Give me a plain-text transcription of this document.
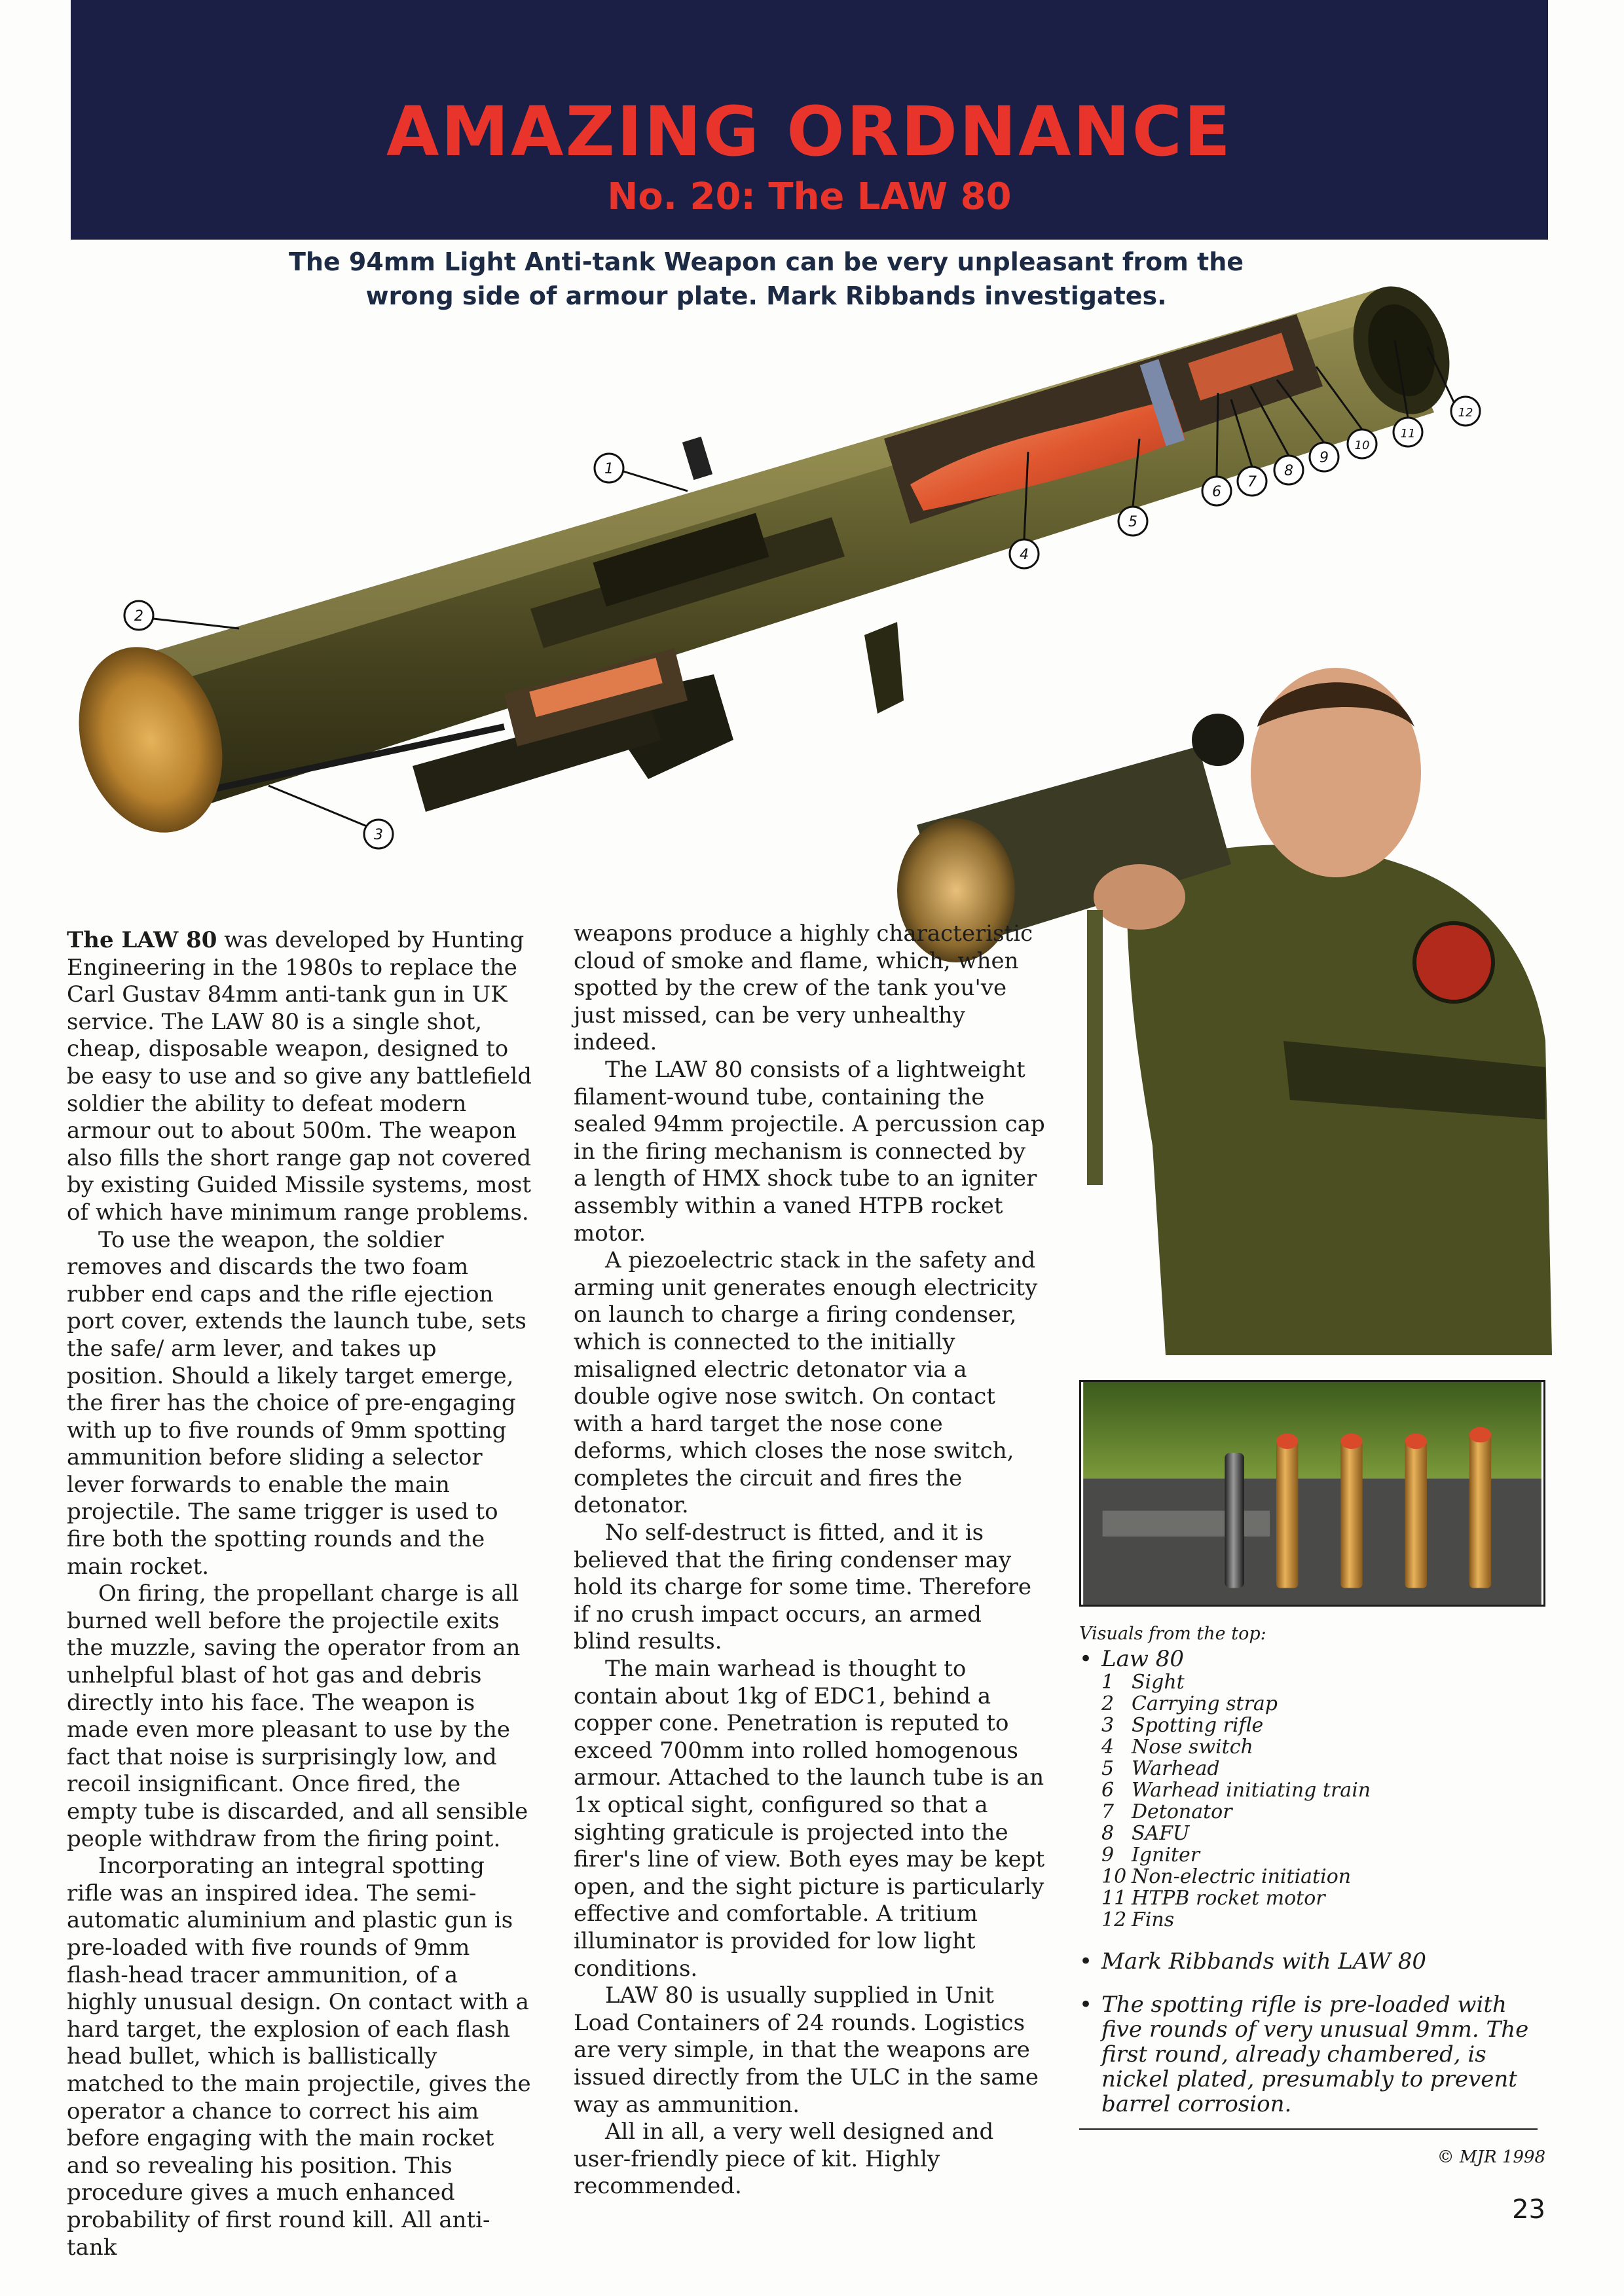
AMAZING ORDNANCE
No. 20: The LAW 80
1
2
3
4
5
6
7
8
9
10
11
12
The 94mm Light Anti-tank Weapon can be very unpleasant from the
wrong side of armour plate. Mark Ribbands investigates.

The LAW 80 was developed by Hunting Engineering in the 1980s to replace the Carl Gustav 84mm anti-tank gun in UK service. The LAW 80 is a single shot, cheap, disposable weapon, designed to be easy to use and so give any battlefield soldier the ability to defeat modern armour out to about 500m. The weapon also fills the short range gap not covered by existing Guided Missile systems, most of which have minimum range problems.

To use the weapon, the soldier removes and discards the two foam rubber end caps and the rifle ejection port cover, extends the launch tube, sets the safe/ arm lever, and takes up position. Should a likely target emerge, the firer has the choice of pre-engaging with up to five rounds of 9mm spotting ammunition before sliding a selector lever forwards to enable the main projectile. The same trigger is used to fire both the spotting rounds and the main rocket.

On firing, the propellant charge is all burned well before the projectile exits the muzzle, saving the operator from an unhelpful blast of hot gas and debris directly into his face. The weapon is made even more pleasant to use by the fact that noise is surprisingly low, and recoil insignificant. Once fired, the empty tube is discarded, and all sensible people withdraw from the firing point.

Incorporating an integral spotting rifle was an inspired idea. The semi-automatic aluminium and plastic gun is pre-loaded with five rounds of 9mm flash-head tracer ammunition, of a highly unusual design. On contact with a hard target, the explosion of each flash head bullet, which is ballistically matched to the main projectile, gives the operator a chance to correct his aim before engaging with the main rocket and so revealing his position. This procedure gives a much enhanced probability of first round kill. All anti-tank

weapons produce a highly characteristic cloud of smoke and flame, which, when spotted by the crew of the tank you've just missed, can be very unhealthy indeed.

The LAW 80 consists of a lightweight filament-wound tube, containing the sealed 94mm projectile. A percussion cap in the firing mechanism is connected by a length of HMX shock tube to an igniter assembly within a vaned HTPB rocket motor.

A piezoelectric stack in the safety and arming unit generates enough electricity on launch to charge a firing condenser, which is connected to the initially misaligned electric detonator via a double ogive nose switch. On contact with a hard target the nose cone deforms, which closes the nose switch, completes the circuit and fires the detonator.

No self-destruct is fitted, and it is believed that the firing condenser may hold its charge for some time. Therefore if no crush impact occurs, an armed blind results.

The main warhead is thought to contain about 1kg of EDC1, behind a copper cone. Penetration is reputed to exceed 700mm into rolled homogenous armour. Attached to the launch tube is an 1x optical sight, configured so that a sighting graticule is projected into the firer's line of view. Both eyes may be kept open, and the sight picture is particularly effective and comfortable. A tritium illuminator is provided for low light conditions.

LAW 80 is usually supplied in Unit Load Containers of 24 rounds. Logistics are very simple, in that the weapons are issued directly from the ULC in the same way as ammunition.

All in all, a very well designed and user-friendly piece of kit. Highly recommended.

Visuals from the top:
• Law 80
1 Sight
2 Carrying strap
3 Spotting rifle
4 Nose switch
5 Warhead
6 Warhead initiating train
7 Detonator
8 SAFU
9 Igniter
10 Non-electric initiation
11 HTPB rocket motor
12 Fins
• Mark Ribbands with LAW 80
• The spotting rifle is pre-loaded with five rounds of very unusual 9mm. The first round, already chambered, is nickel plated, presumably to prevent barrel corrosion.
© MJR 1998
23
